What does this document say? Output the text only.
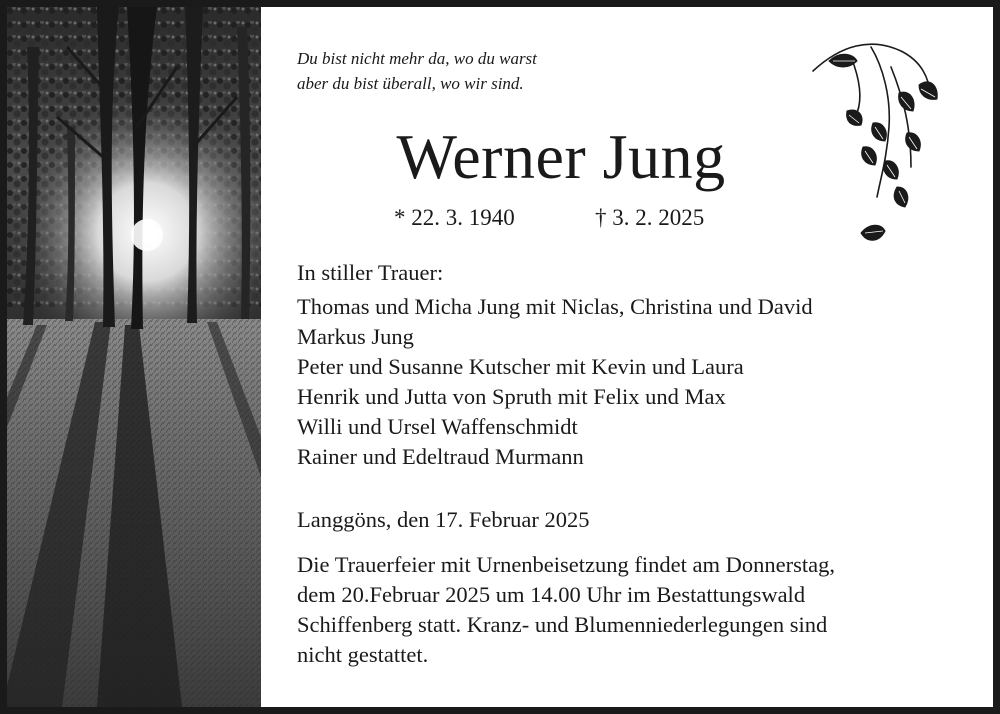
Du bist nicht mehr da, wo du warst
aber du bist überall, wo wir sind.

Werner Jung
* 22. 3. 1940	† 3. 2. 2025

In stiller Trauer:

Thomas und Micha Jung mit Niclas, Christina und David
Markus Jung
Peter und Susanne Kutscher mit Kevin und Laura
Henrik und Jutta von Spruth mit Felix und Max
Willi und Ursel Waffenschmidt
Rainer und Edeltraud Murmann

Langgöns, den 17. Februar 2025

Die Trauerfeier mit Urnenbeisetzung findet am Donnerstag,
dem 20.Februar 2025 um 14.00 Uhr im Bestattungswald
Schiffenberg statt. Kranz- und Blumenniederlegungen sind
nicht gestattet.
